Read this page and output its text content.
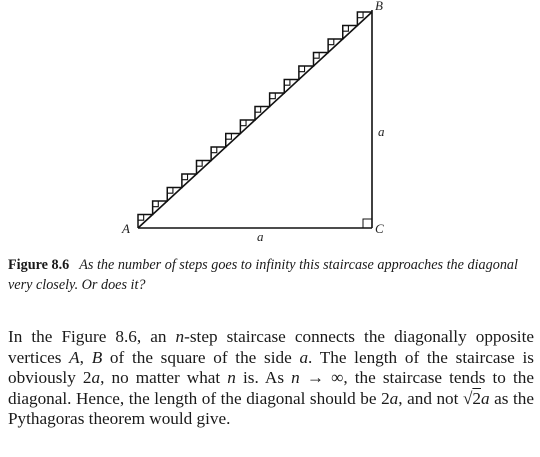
A
B
C
a
a
Figure 8.6 As the number of steps goes to infinity this staircase approaches the diagonal very closely. Or does it?
In the Figure 8.6, an n-step staircase connects the diagonally opposite vertices A, B of the square of the side a. The length of the staircase is obviously 2a, no matter what n is. As n → ∞, the staircase tends to the diagonal. Hence, the length of the diagonal should be 2a, and not √2a as the Pythagoras theorem would give.
